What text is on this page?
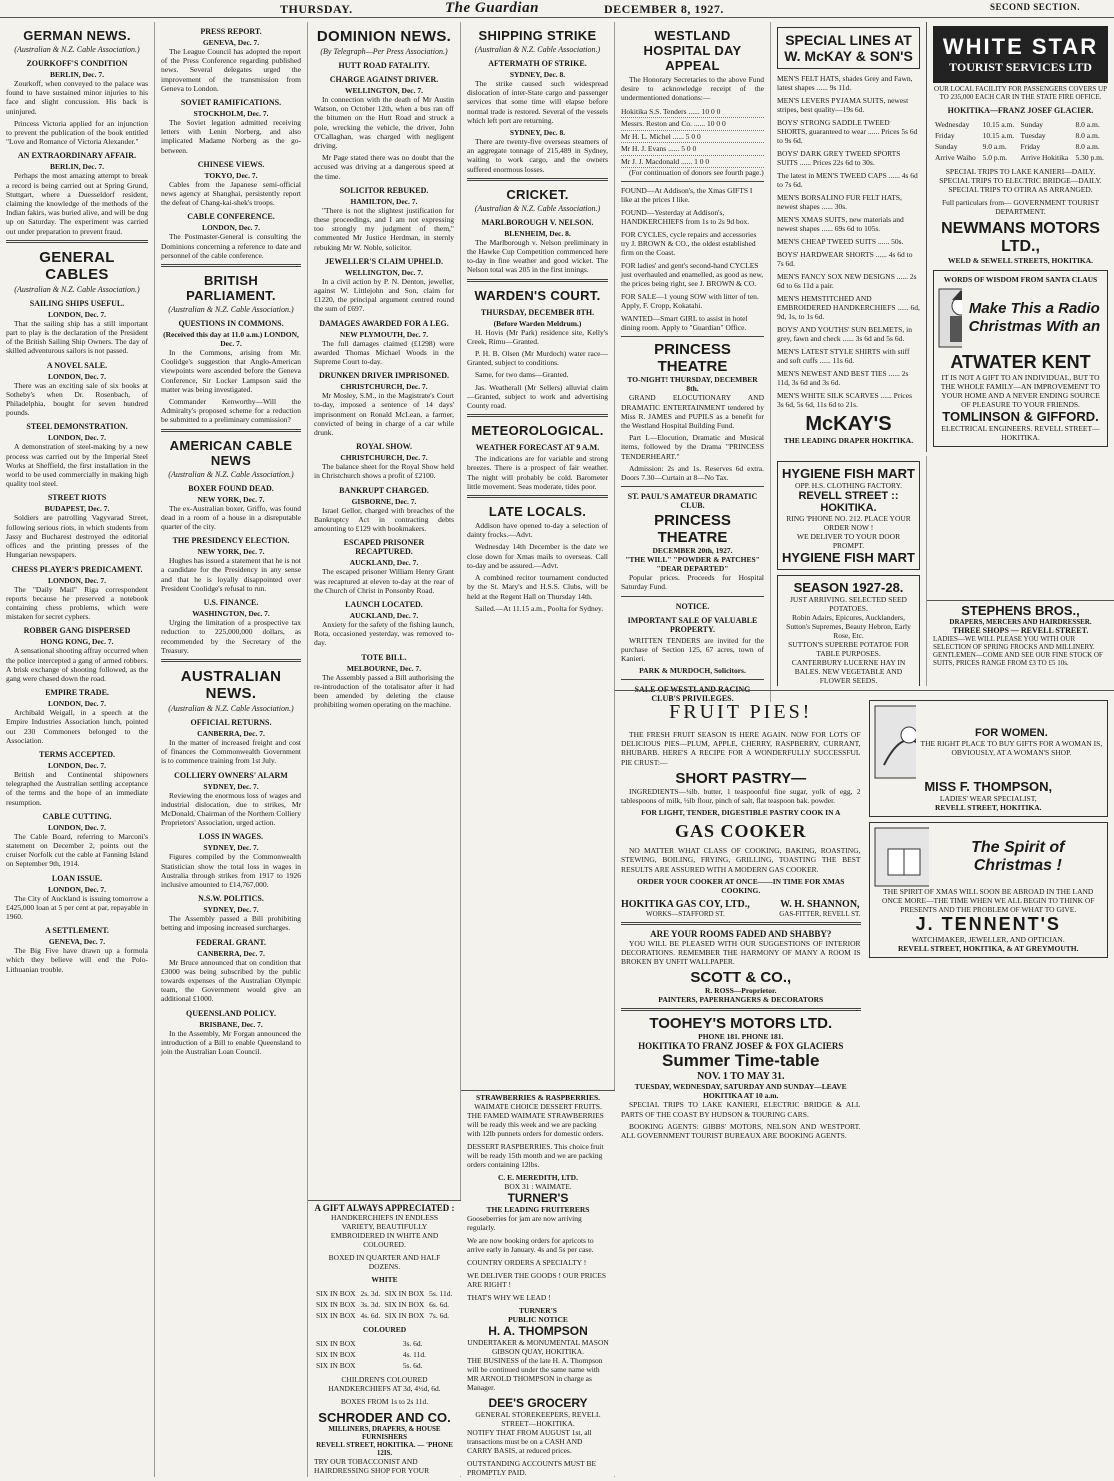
THURSDAY.	The Guardian	DECEMBER 8, 1927.	SECOND SECTION.
GERMAN NEWS.
(Australian & N.Z. Cable Association.)
ZOURKOFF'S CONDITION
BERLIN, Dec. 7.

Zourkoff, when conveyed to the palace was found to have sustained minor injuries to his face and slight concussion. His back is uninjured.

Princess Victoria applied for an injunction to prevent the publication of the book entitled "Love and Romance of Victoria Alexander."

AN EXTRAORDINARY AFFAIR.
BERLIN, Dec. 7.

Perhaps the most amazing attempt to break a record is being carried out at Spring Grund, Stuttgart, where a Duesseldorf resident, claiming the knowledge of the methods of the Indian fakirs, was buried alive, and will be dug up on Saturday. The experiment was carried out under preparation to prevent fraud.

GENERAL CABLES
(Australian & N.Z. Cable Association.)
SAILING SHIPS USEFUL.
LONDON, Dec. 7.

That the sailing ship has a still important part to play is the declaration of the President of the British Sailing Ship Owners. The day of skilled adventurous sailors is not passed.

A NOVEL SALE.
LONDON, Dec. 7.

There was an exciting sale of six books at Sotheby's when Dr. Rosenbach, of Philadelphia, bought for seven hundred pounds.

STEEL DEMONSTRATION.
LONDON, Dec. 7.

A demonstration of steel-making by a new process was carried out by the Imperial Steel Works at Sheffield, the first installation in the world to be used commercially in making high quality tool steel.

STREET RIOTS
BUDAPEST, Dec. 7.

Soldiers are patrolling Vagyvarad Street, following serious riots, in which students from Jassy and Bucharest destroyed the editorial offices and the printing presses of the Hungarian newspapers.

CHESS PLAYER'S PREDICAMENT.
LONDON, Dec. 7.

The "Daily Mail" Riga correspondent reports because he preserved a notebook containing chess problems, which were mistaken for secret cyphers.

ROBBER GANG DISPERSED
HONG KONG, Dec. 7.

A sensational shooting affray occurred when the police intercepted a gang of armed robbers. A brisk exchange of shooting followed, as the gang were chased down the road.

EMPIRE TRADE.
LONDON, Dec. 7.

Archibald Weigall, in a speech at the Empire Industries Association lunch, pointed out 230 Commoners belonged to the Association.

TERMS ACCEPTED.
LONDON, Dec. 7.

British and Continental shipowners telegraphed the Australian settling acceptance of the terms and the hope of an immediate resumption.

CABLE CUTTING.
LONDON, Dec. 7.

The Cable Board, referring to Marconi's statement on December 2, points out the cruiser Norfolk cut the cable at Fanning Island on September 9th, 1914.

LOAN ISSUE.
LONDON, Dec. 7.

The City of Auckland is issuing tomorrow a £425,000 loan at 5 per cent at par, repayable in 1960.

A SETTLEMENT.
GENEVA, Dec. 7.

The Big Five have drawn up a formula which they believe will end the Polo-Lithuanian trouble.

PRESS REPORT.
GENEVA, Dec. 7.

The League Council has adopted the report of the Press Conference regarding published news. Several delegates urged the improvement of the transmission from Geneva to London.

SOVIET RAMIFICATIONS.
STOCKHOLM, Dec. 7.

The Soviet legation admitted receiving letters with Lenin Norberg, and also implicated Madame Norberg as the go-between.

CHINESE VIEWS.
TOKYO, Dec. 7.

Cables from the Japanese semi-official news agency at Shanghai, persistently report the defeat of Chang-kai-shek's troops.

CABLE CONFERENCE.
LONDON, Dec. 7.

The Postmaster-General is consulting the Dominions concerning a reference to date and personnel of the cable conference.

BRITISH PARLIAMENT.
(Australian & N.Z. Cable Association.)
QUESTIONS IN COMMONS.
(Received this day at 11.0 a.m.) LONDON, Dec. 7.

In the Commons, arising from Mr. Coolidge's suggestion that Anglo-American viewpoints were ascended before the Geneva Conference, Sir Locker Lampson said the matter was being investigated.

Commander Kenworthy—Will the Admiralty's proposed scheme for a reduction be submitted to a preliminary commission?

AMERICAN CABLE NEWS
(Australian & N.Z. Cable Association.)
BOXER FOUND DEAD.
NEW YORK, Dec. 7.

The ex-Australian boxer, Griffo, was found dead in a room of a house in a disreputable quarter of the city.

THE PRESIDENCY ELECTION.
NEW YORK, Dec. 7.

Hughes has issued a statement that he is not a candidate for the Presidency in any sense and that he is loyally disappointed over President Coolidge's refusal to run.

U.S. FINANCE.
WASHINGTON, Dec. 7.

Urging the limitation of a prospective tax reduction to 225,000,000 dollars, as recommended by the Secretary of the Treasury.

AUSTRALIAN NEWS.
(Australian & N.Z. Cable Association.)
OFFICIAL RETURNS.
CANBERRA, Dec. 7.

In the matter of increased freight and cost of finances the Commonwealth Government is to commence training from 1st July.

COLLIERY OWNERS' ALARM
SYDNEY, Dec. 7.

Reviewing the enormous loss of wages and industrial dislocation, due to strikes, Mr McDonald, Chairman of the Northern Colliery Proprietors' Association, urged action.

LOSS IN WAGES.
SYDNEY, Dec. 7.

Figures compiled by the Commonwealth Statistician show the total loss in wages in Australia through strikes from 1917 to 1926 inclusive amounted to £14,767,000.

N.S.W. POLITICS.
SYDNEY, Dec. 7.

The Assembly passed a Bill prohibiting betting and imposing increased surcharges.

FEDERAL GRANT.
CANBERRA, Dec. 7.

Mr Bruce announced that on condition that £3000 was being subscribed by the public towards expenses of the Australian Olympic team, the Government would give an additional £1000.

QUEENSLAND POLICY.
BRISBANE, Dec. 7.

In the Assembly, Mr Forgan announced the introduction of a Bill to enable Queensland to join the Australian Loan Council.

DOMINION NEWS.
(By Telegraph—Per Press Association.)
HUTT ROAD FATALITY.
CHARGE AGAINST DRIVER.
WELLINGTON, Dec. 7.

In connection with the death of Mr Austin Watson, on October 12th, when a bus ran off the bitumen on the Hutt Road and struck a pole, wrecking the vehicle, the driver, John O'Callaghan, was charged with negligent driving.

Mr Page stated there was no doubt that the accused was driving at a dangerous speed at the time.

SOLICITOR REBUKED.
HAMILTON, Dec. 7.

"There is not the slightest justification for these proceedings, and I am not expressing too strongly my judgment of them," commented Mr Justice Herdman, in sternly rebuking Mr W. Noble, solicitor.

JEWELLER'S CLAIM UPHELD.
WELLINGTON, Dec. 7.

In a civil action by P. N. Denton, jeweller, against W. Littlejohn and Son, claim for £1220, the principal argument centred round the sum of £697.

DAMAGES AWARDED FOR A LEG.
NEW PLYMOUTH, Dec. 7.

The full damages claimed (£1298) were awarded Thomas Michael Woods in the Supreme Court to-day.

DRUNKEN DRIVER IMPRISONED.
CHRISTCHURCH, Dec. 7.

Mr Mosley, S.M., in the Magistrate's Court to-day, imposed a sentence of 14 days' imprisonment on Ronald McLean, a farmer, convicted of being in charge of a car while drunk.

ROYAL SHOW.
CHRISTCHURCH, Dec. 7.

The balance sheet for the Royal Show held in Christchurch shows a profit of £2100.

BANKRUPT CHARGED.
GISBORNE, Dec. 7.

Israel Gellor, charged with breaches of the Bankruptcy Act in contracting debts amounting to £129 with bookmakers.

ESCAPED PRISONER RECAPTURED.
AUCKLAND, Dec. 7.

The escaped prisoner William Henry Grant was recaptured at eleven to-day at the rear of the Church of Christ in Ponsonby Road.

LAUNCH LOCATED.
AUCKLAND, Dec. 7.

Anxiety for the safety of the fishing launch, Rota, occasioned yesterday, was removed to-day.

TOTE BILL.
MELBOURNE, Dec. 7.

The Assembly passed a Bill authorising the re-introduction of the totalisator after it had been amended by deleting the clause prohibiting women operating on the machine.

SHIPPING STRIKE
(Australian & N.Z. Cable Association.)
AFTERMATH OF STRIKE.
SYDNEY, Dec. 8.

The strike caused such widespread dislocation of inter-State cargo and passenger services that some time will elapse before normal trade is restored. Several of the vessels which left port are returning.

SYDNEY, Dec. 8.

There are twenty-five overseas steamers of an aggregate tonnage of 215,489 in Sydney, waiting to work cargo, and the owners suffered enormous losses.

CRICKET.
(Australian & N.Z. Cable Association.)
MARLBOROUGH V. NELSON.
BLENHEIM, Dec. 8.

The Marlborough v. Nelson preliminary in the Hawke Cup Competition commenced here to-day in fine weather and good wicket. The Nelson total was 205 in the first innings.

WARDEN'S COURT.
THURSDAY, DECEMBER 8TH.
(Before Warden Meldrum.)

H. Hovis (Mr Park) residence site, Kelly's Creek, Rimu—Granted.

P. H. B. Olsen (Mr Murdoch) water race—Granted, subject to conditions.

Same, for two dams—Granted.

Jas. Weatherall (Mr Sellers) alluvial claim—Granted, subject to work and advertising County road.

METEOROLOGICAL.
WEATHER FORECAST AT 9 A.M.

The indications are for variable and strong breezes. There is a prospect of fair weather. The night will probably be cold. Barometer little movement. Seas moderate, tides poor.

LATE LOCALS.

Addison have opened to-day a selection of dainty frocks.—Advt.

Wednesday 14th December is the date we close down for Xmas mails to overseas. Call to-day and be assured.—Advt.

A combined recitor tournament conducted by the St. Mary's and H.S.S. Clubs, will be held at the Regent Hall on Thursday 14th.

Sailed.—At 11.15 a.m., Poolta for Sydney.

WESTLAND HOSPITAL DAY APPEAL

The Honorary Secretaries to the above Fund desire to acknowledge receipt of the undermentioned donations:—

Hokitika S.S. Tenders ...... 10 0 0
Messrs. Reston and Co. ...... 10 0 0
Mr H. L. Michel ...... 5 0 0
Mr H. J. Evans ...... 5 0 0
Mr J. J. Macdonald ...... 1 0 0

(For continuation of donors see fourth page.)

FOUND—At Addison's, the Xmas GIFTS I like at the prices I like.
FOUND—Yesterday at Addison's, HANDKERCHIEFS from 1s to 2s 9d box.
FOR CYCLES, cycle repairs and accessories try J. BROWN & CO., the oldest established firm on the Coast.
FOR ladies' and gent's second-hand CYCLES just overhauled and enamelled, as good as new, the prices being right, see J. BROWN & CO.
FOR SALE—1 young SOW with litter of ten. Apply, F. Cropp, Kokatahi.
WANTED—Smart GIRL to assist in hotel dining room. Apply to "Guardian" Office.
PRINCESS THEATRE
TO-NIGHT! THURSDAY, DECEMBER 8th.

GRAND ELOCUTIONARY AND DRAMATIC ENTERTAINMENT tendered by Miss R. JAMES and PUPILS as a benefit for the Westland Hospital Building Fund.

Part I.—Elocution, Dramatic and Musical items, followed by the Drama "PRINCESS TENDERHEART."

Admission: 2s and 1s. Reserves 6d extra. Doors 7.30—Curtain at 8—No Tax.

ST. PAUL'S AMATEUR DRAMATIC CLUB.
PRINCESS THEATRE
DECEMBER 20th, 1927.
"THE WILL" "POWDER & PATCHES" "DEAR DEPARTED"

Popular prices. Proceeds for Hospital Saturday Fund.

NOTICE.
IMPORTANT SALE OF VALUABLE PROPERTY.

WRITTEN TENDERS are invited for the purchase of Section 125, 67 acres, town of Kanieri.

PARK & MURDOCH, Solicitors.
SALE OF WESTLAND RACING CLUB'S PRIVILEGES.

SPECIAL LINES AT W. McKAY & SON'S
MEN'S FELT HATS, shades Grey and Fawn, latest shapes ...... 9s 11d.
MEN'S LEVERS PYJAMA SUITS, newest stripes, best quality—19s 6d.
BOYS' STRONG SADDLE TWEED SHORTS, guaranteed to wear ...... Prices 5s 6d to 9s 6d.
BOYS' DARK GREY TWEED SPORTS SUITS ...... Prices 22s 6d to 30s.
The latest in MEN'S TWEED CAPS ...... 4s 6d to 7s 6d.
MEN'S BORSALINO FUR FELT HATS, newest shapes ...... 30s.
MEN'S XMAS SUITS, new materials and newest shapes ...... 69s 6d to 105s.
MEN'S CHEAP TWEED SUITS ...... 50s.
BOYS' HARDWEAR SHORTS ...... 4s 6d to 7s 6d.
MEN'S FANCY SOX NEW DESIGNS ...... 2s 6d to 6s 11d a pair.
MEN'S HEMSTITCHED AND EMBROIDERED HANDKERCHIEFS ...... 6d, 9d, 1s, to 1s 6d.
BOYS' AND YOUTHS' SUN BELMETS, in grey, fawn and check ...... 3s 6d and 5s 6d.
MEN'S LATEST STYLE SHIRTS with stiff and soft cuffs ...... 11s 6d.
MEN'S NEWEST AND BEST TIES ...... 2s 11d, 3s 6d and 3s 6d.
MEN'S WHITE SILK SCARVES ...... Prices 3s 6d, 5s 6d, 11s 6d to 21s.
McKAY'S
THE LEADING DRAPER HOKITIKA.
HYGIENE FISH MART
OPP. H.S. CLOTHING FACTORY.
REVELL STREET :: HOKITIKA.
RING 'PHONE NO. 212. PLACE YOUR ORDER NOW !
WE DELIVER TO YOUR DOOR PROMPT.
HYGIENE FISH MART
SEASON 1927-28.
JUST ARRIVING. SELECTED SEED POTATOES.
Robin Adairs, Epicures, Aucklanders, Sutton's Supremes, Beauty Hebron, Early Rose, Etc.
SUTTON'S SUPERBE POTATOE FOR TABLE PURPOSES.
CANTERBURY LUCERNE HAY IN BALES. NEW VEGETABLE AND FLOWER SEEDS.
WHITE STAR
TOURIST SERVICES LTD
OUR LOCAL FACILITY FOR PASSENGERS COVERS UP TO 235,000 EACH CAR IN THE STATE FIRE OFFICE.
HOKITIKA—FRANZ JOSEF GLACIER.
Wednesday	10.15 a.m.	Sunday	8.0 a.m.
Friday	10.15 a.m.	Tuesday	8.0 a.m.
Sunday	9.0 a.m.	Friday	8.0 a.m.
Arrive Waiho	5.0 p.m.	Arrive Hokitika	5.30 p.m.
SPECIAL TRIPS TO LAKE KANIERI—DAILY. SPECIAL TRIPS TO ELECTRIC BRIDGE—DAILY. SPECIAL TRIPS TO OTIRA AS ARRANGED.
Full particulars from— GOVERNMENT TOURIST DEPARTMENT.
NEWMANS MOTORS LTD.,
WELD & SEWELL STREETS, HOKITIKA.
WORDS OF WISDOM FROM SANTA CLAUS
Make This a Radio Christmas With an
ATWATER KENT
IT IS NOT A GIFT TO AN INDIVIDUAL, BUT TO THE WHOLE FAMILY—AN IMPROVEMENT TO YOUR HOME AND A NEVER ENDING SOURCE OF PLEASURE TO YOUR FRIENDS.
TOMLINSON & GIFFORD.
ELECTRICAL ENGINEERS. REVELL STREET—HOKITIKA.
FRUIT PIES!

THE FRESH FRUIT SEASON IS HERE AGAIN. NOW FOR LOTS OF DELICIOUS PIES—PLUM, APPLE, CHERRY, RASPBERRY, CURRANT, RHUBARB. HERE'S A RECIPE FOR A WONDERFULLY SUCCESSFUL PIE CRUST:—

SHORT PASTRY—

INGREDIENTS—¼lb. butter, 1 teaspoonful fine sugar, yolk of egg, 2 tablespoons of milk, ½lb flour, pinch of salt, flat teaspoon bak. powder.

FOR LIGHT, TENDER, DIGESTIBLE PASTRY COOK IN A
GAS COOKER

NO MATTER WHAT CLASS OF COOKING, BAKING, ROASTING, STEWING, BOILING, FRYING, GRILLING, TOASTING THE BEST RESULTS ARE ASSURED WITH A MODERN GAS COOKER.

ORDER YOUR COOKER AT ONCE——IN TIME FOR XMAS COOKING.
HOKITIKA GAS COY, LTD.,
WORKS—STAFFORD ST.
W. H. SHANNON,
GAS-FITTER, REVELL ST.
ARE YOUR ROOMS FADED AND SHABBY?

YOU WILL BE PLEASED WITH OUR SUGGESTIONS OF INTERIOR DECORATIONS. REMEMBER THE HARMONY OF MANY A ROOM IS BROKEN BY UNFIT WALLPAPER.

SCOTT & CO.,
R. ROSS—Proprietor.
PAINTERS, PAPERHANGERS & DECORATORS
TOOHEY'S MOTORS LTD.
PHONE 181. PHONE 181.
HOKITIKA TO FRANZ JOSEF & FOX GLACIERS
Summer Time-table
NOV. 1 TO MAY 31.
TUESDAY, WEDNESDAY, SATURDAY AND SUNDAY—LEAVE HOKITIKA AT 10 a.m.

SPECIAL TRIPS TO LAKE KANIERI, ELECTRIC BRIDGE & ALL PARTS OF THE COAST BY HUDSON & TOURING CARS.

BOOKING AGENTS: GIBBS' MOTORS, NELSON AND WESTPORT. ALL GOVERNMENT TOURIST BUREAUX ARE BOOKING AGENTS.

FOR WOMEN.
THE RIGHT PLACE TO BUY GIFTS FOR A WOMAN IS, OBVIOUSLY, AT A WOMAN'S SHOP.
MISS F. THOMPSON,
LADIES' WEAR SPECIALIST,
REVELL STREET, HOKITIKA.
The Spirit of Christmas !
THE SPIRIT OF XMAS WILL SOON BE ABROAD IN THE LAND ONCE MORE—THE TIME WHEN WE ALL BEGIN TO THINK OF PRESENTS AND THE PROBLEM OF WHAT TO GIVE.
J. TENNENT'S
WATCHMAKER, JEWELLER, AND OPTICIAN.
REVELL STREET, HOKITIKA, & AT GREYMOUTH.
STEPHENS BROS.,
DRAPERS, MERCERS AND HAIRDRESSER.
THREE SHOPS — REVELL STREET.
LADIES—WE WILL PLEASE YOU WITH OUR SELECTION OF SPRING FROCKS AND MILLINERY.
GENTLEMEN—COME AND SEE OUR FINE STOCK OF SUITS, PRICES RANGE FROM £3 TO £5 10s.
STRAWBERRIES & RASPBERRIES.
WAIMATE CHOICE DESSERT FRUITS.
THE FAMED WAIMATE STRAWBERRIES will be ready this week and we are packing with 12lb punnets orders for domestic orders.
DESSERT RASPBERRIES. This choice fruit will be ready 15th month and we are packing orders containing 12lbs.
C. E. MEREDITH, LTD.
BOX 31 : WAIMATE.
TURNER'S
THE LEADING FRUITERERS
Gooseberries for jam are now arriving regularly.
We are now booking orders for apricots to arrive early in January. 4s and 5s per case.
COUNTRY ORDERS A SPECIALTY !
WE DELIVER THE GOODS ! OUR PRICES ARE RIGHT !
THAT'S WHY WE LEAD !
TURNER'S
PUBLIC NOTICE
H. A. THOMPSON
UNDERTAKER & MONUMENTAL MASON
GIBSON QUAY, HOKITIKA.
THE BUSINESS of the late H. A. Thompson will be continued under the same name with MR ARNOLD THOMPSON in charge as Manager.
DEE'S GROCERY
GENERAL STOREKEEPERS, REVELL STREET—HOKITIKA.
NOTIFY THAT FROM AUGUST 1st, all transactions must be on a CASH AND CARRY BASIS, at reduced prices.
OUTSTANDING ACCOUNTS MUST BE PROMPTLY PAID.
A GIFT ALWAYS APPRECIATED :
HANDKERCHIEFS IN ENDLESS VARIETY, BEAUTIFULLY EMBROIDERED IN WHITE AND COLOURED.
BOXED IN QUARTER AND HALF DOZENS.
WHITE
SIX IN BOX	2s. 3d.	SIX IN BOX	5s. 11d.
SIX IN BOX	3s. 3d.	SIX IN BOX	6s. 6d.
SIX IN BOX	4s. 6d.	SIX IN BOX	7s. 6d.
COLOURED
SIX IN BOX	3s. 6d.
SIX IN BOX	4s. 11d.
SIX IN BOX	5s. 6d.
CHILDREN'S COLOURED HANDKERCHIEFS AT 3d, 4½d, 6d.
BOXES FROM 1s to 2s 11d.
SCHRODER AND CO.
MILLINERS, DRAPERS, & HOUSE FURNISHERS
REVELL STREET, HOKITIKA. — 'PHONE 12IS.
TRY OUR TOBACCONIST AND HAIRDRESSING SHOP FOR YOUR
